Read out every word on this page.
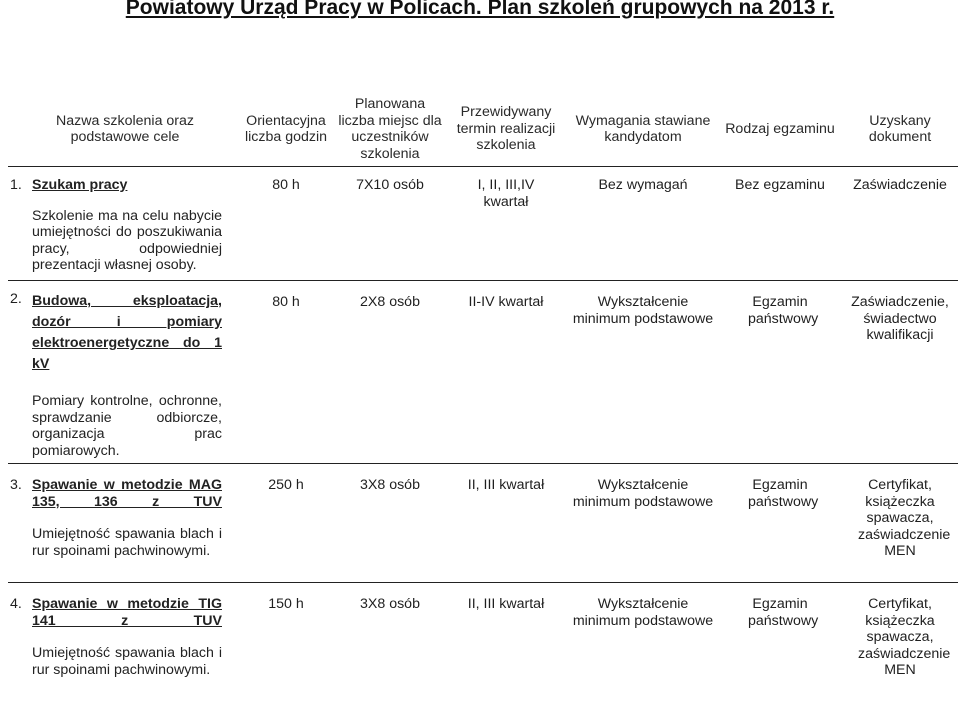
Powiatowy Urząd Pracy w Policach. Plan szkoleń grupowych na 2013 r.
Nazwa szkolenia oraz podstawowe cele	Orientacyjna liczba godzin	Planowana liczba miejsc dla uczestników szkolenia	Przewidywany termin realizacji szkolenia	Wymagania stawiane kandydatom	Rodzaj egzaminu	Uzyskany dokument

1. Szukam pracy
Szkolenie ma na celu nabycie umiejętności do poszukiwania pracy, odpowiedniej prezentacji własnej osoby.	80 h	7X10 osób	I, II, III,IV kwartał	Bez wymagań	Bez egzaminu	Zaświadczenie

2. Budowa, eksploatacja, dozór i pomiary elektroenergetyczne do 1 kV
Pomiary kontrolne, ochronne, sprawdzanie odbiorcze, organizacja prac pomiarowych.	80 h	2X8 osób	II-IV kwartał	Wykształcenie minimum podstawowe	Egzamin państwowy	Zaświadczenie, świadectwo kwalifikacji

3. Spawanie w metodzie MAG 135, 136 z TUV
Umiejętność spawania blach i rur spoinami pachwinowymi.	250 h	3X8 osób	II, III kwartał	Wykształcenie minimum podstawowe	Egzamin państwowy	Certyfikat, książeczka spawacza, zaświadczenie MEN

4. Spawanie w metodzie TIG 141 z TUV
Umiejętność spawania blach i rur spoinami pachwinowymi.	150 h	3X8 osób	II, III kwartał	Wykształcenie minimum podstawowe	Egzamin państwowy	Certyfikat, książeczka spawacza, zaświadczenie MEN
